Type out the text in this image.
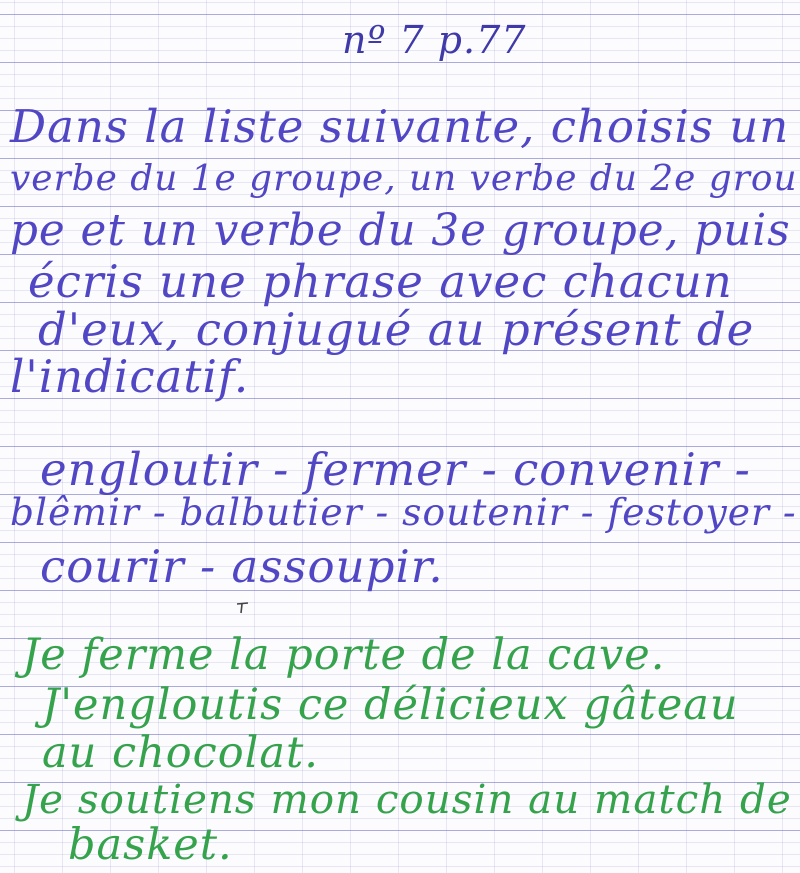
nº 7 p.77
Dans la liste suivante, choisis un
verbe du 1e groupe, un verbe du 2e grou
pe et un verbe du 3e groupe, puis
écris une phrase avec chacun
d'eux, conjugué au présent de
l'indicatif.
engloutir - fermer - convenir -
blêmir - balbutier - soutenir - festoyer -
courir - assoupir.
Je ferme la porte de la cave.
J'engloutis ce délicieux gâteau
au chocolat.
Je soutiens mon cousin au match de
basket.
